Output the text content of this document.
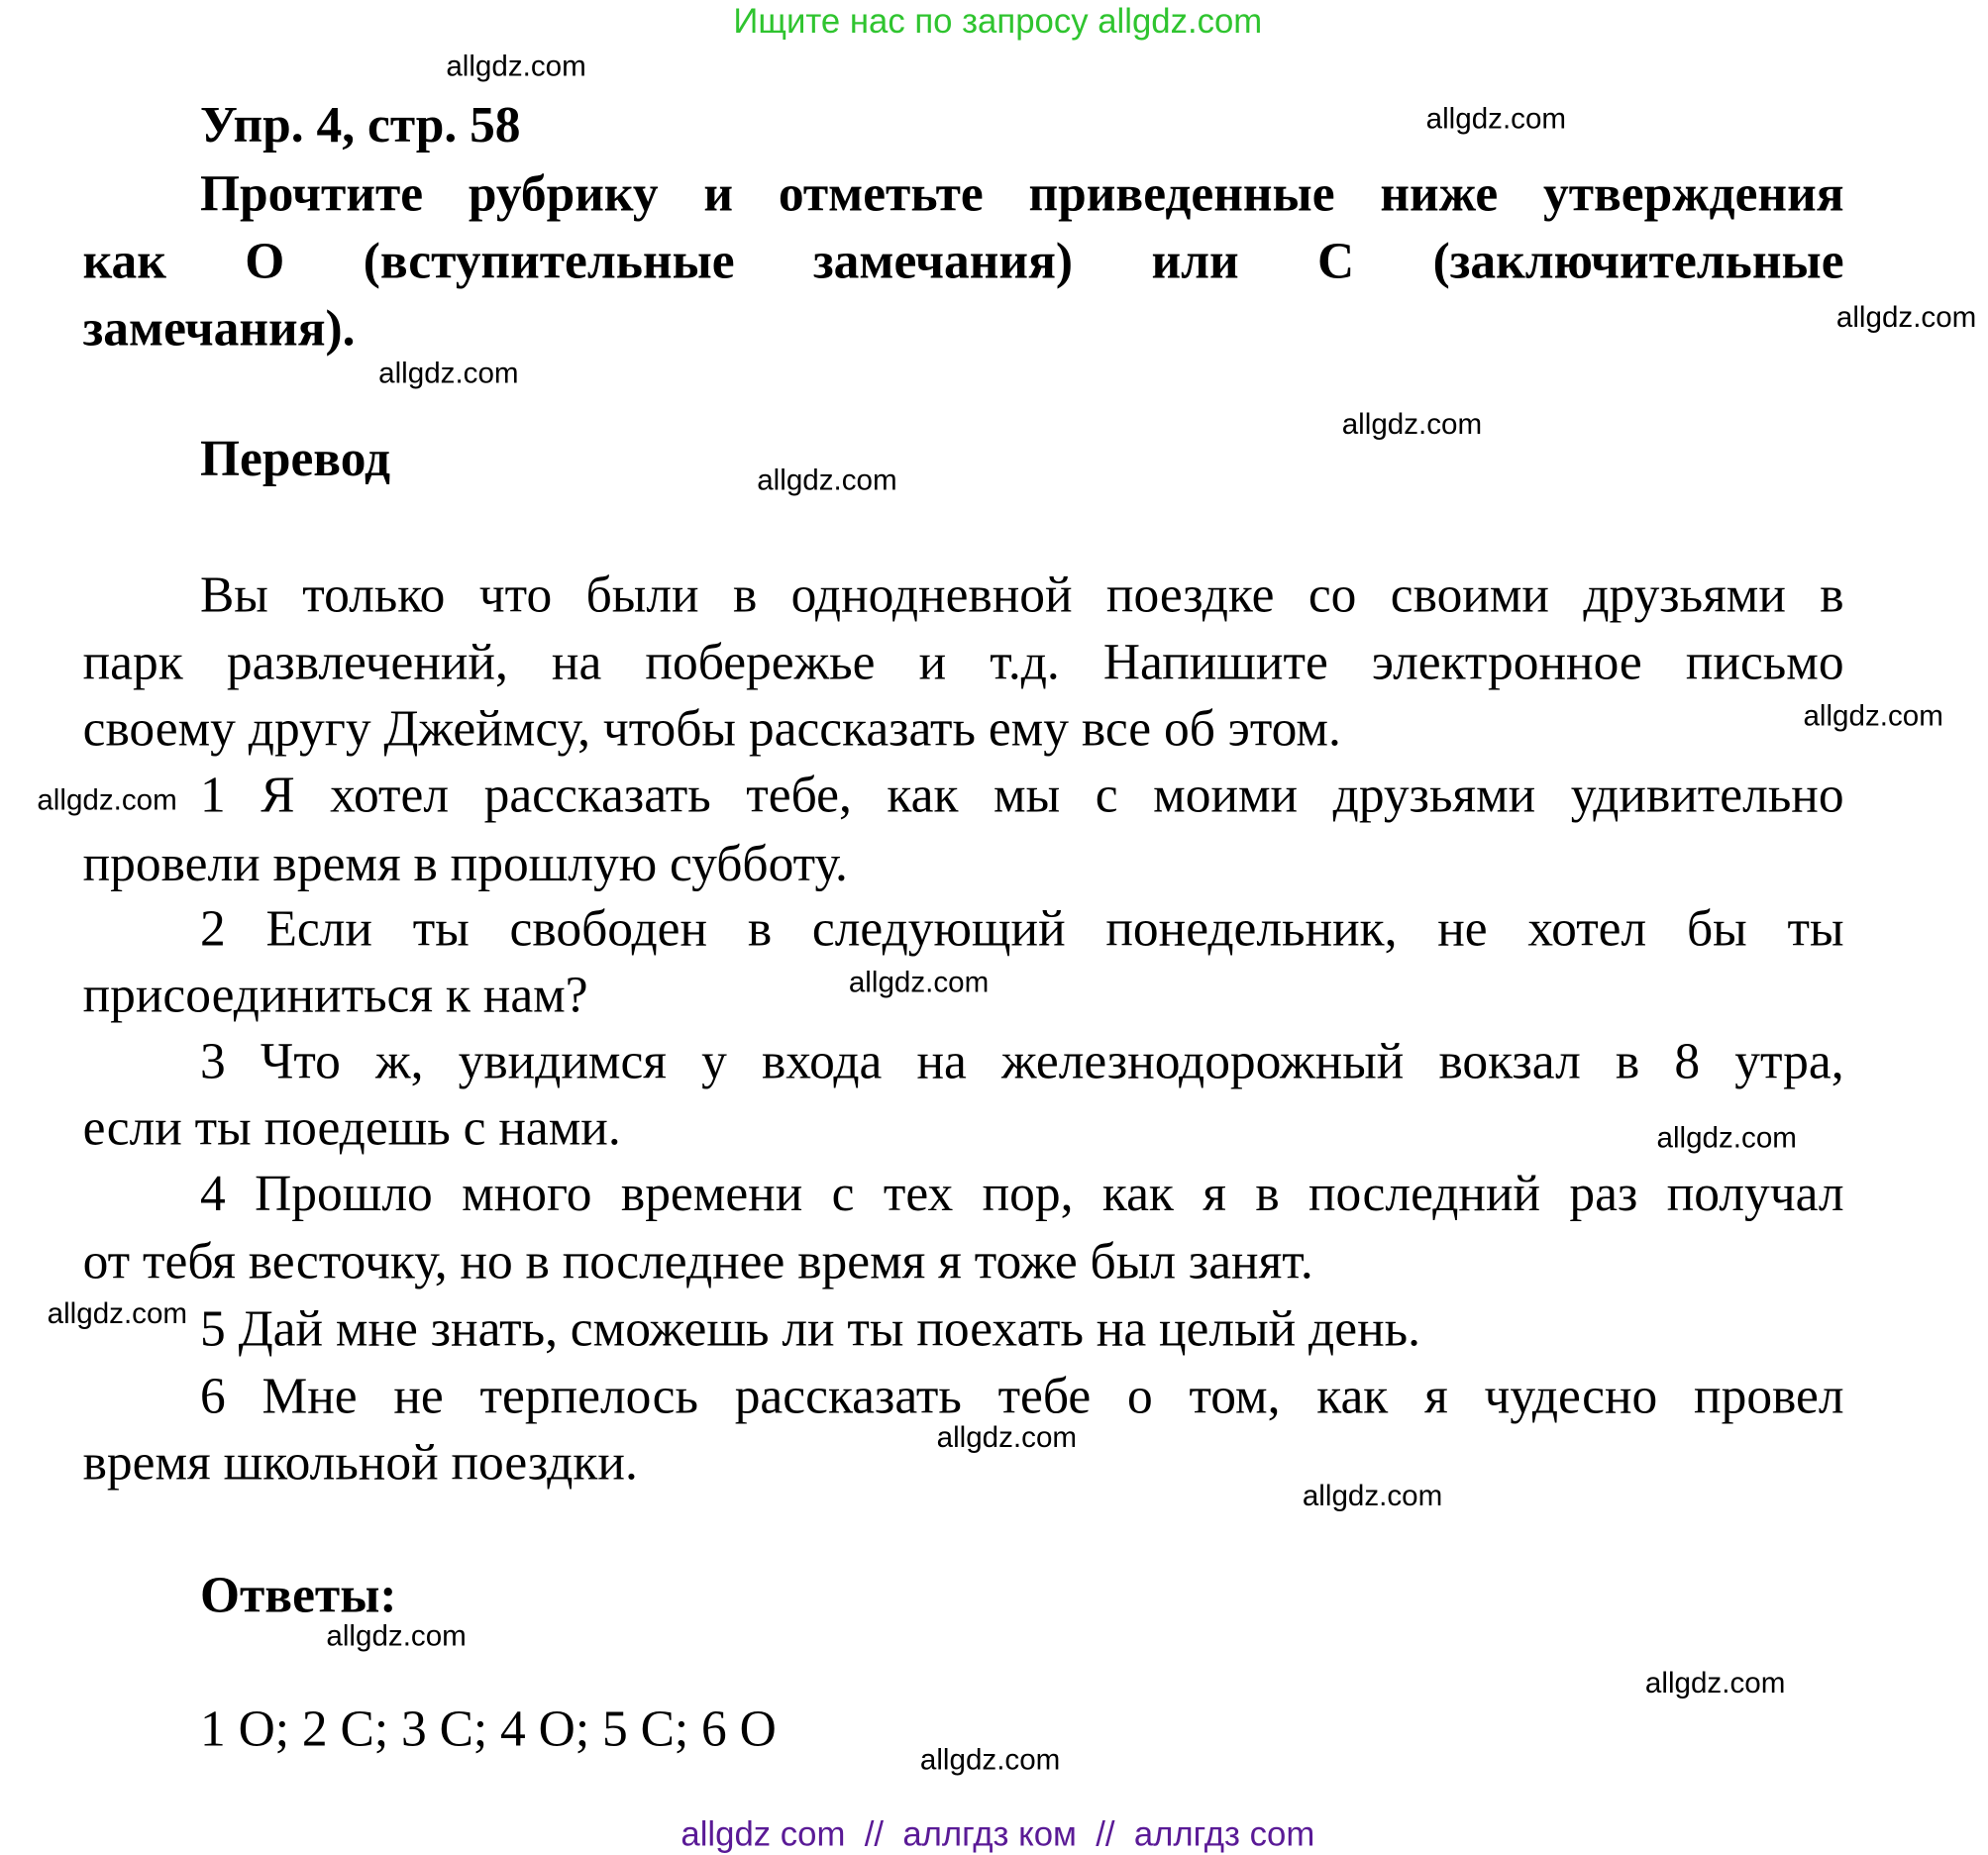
Ищите нас по запросу allgdz.com
Упр. 4, стр. 58
Прочтите рубрику и отметьте приведенные ниже утверждения
как О (вступительные замечания) или С (заключительные
замечания).
Перевод
Вы только что были в однодневной поездке со своими друзьями в
парк развлечений, на побережье и т.д. Напишите электронное письмо
своему другу Джеймсу, чтобы рассказать ему все об этом.
1 Я хотел рассказать тебе, как мы с моими друзьями удивительно
провели время в прошлую субботу.
2 Если ты свободен в следующий понедельник, не хотел бы ты
присоединиться к нам?
3 Что ж, увидимся у входа на железнодорожный вокзал в 8 утра,
если ты поедешь с нами.
4 Прошло много времени с тех пор, как я в последний раз получал
от тебя весточку, но в последнее время я тоже был занят.
5 Дай мне знать, сможешь ли ты поехать на целый день.
6 Мне не терпелось рассказать тебе о том, как я чудесно провел
время школьной поездки.
Ответы:
1 O; 2 C; 3 C; 4 O; 5 C; 6 O
allgdz.com
allgdz.com
allgdz.com
allgdz.com
allgdz.com
allgdz.com
allgdz.com
allgdz.com
allgdz.com
allgdz.com
allgdz.com
allgdz.com
allgdz.com
allgdz.com
allgdz.com
allgdz.com
allgdz com  //  аллгдз ком  //  аллгдз com
